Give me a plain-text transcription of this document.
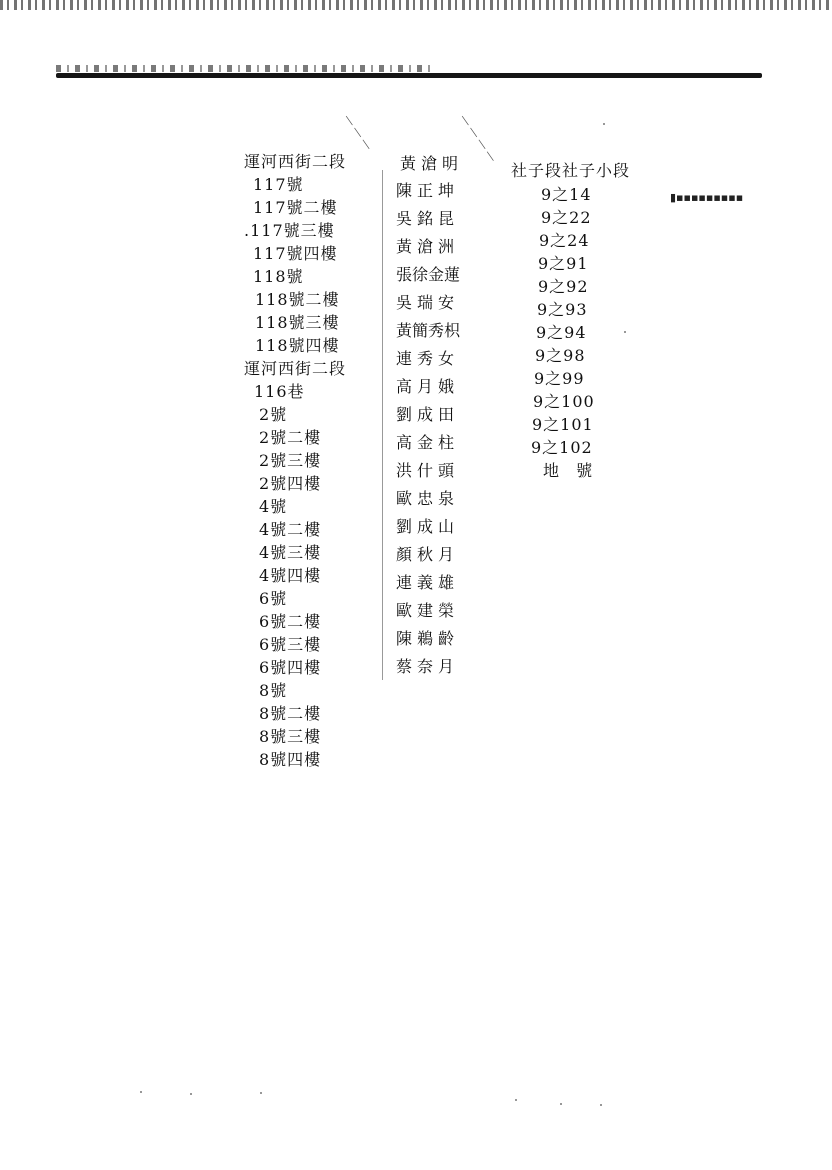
― ― ―	― ― ― ―
運河西街二段
117號
117號二樓
.117號三樓
117號四樓
118號
118號二樓
118號三樓
118號四樓
運河西街二段
116巷
2號
2號二樓
2號三樓
2號四樓
4號
4號二樓
4號三樓
4號四樓
6號
6號二樓
6號三樓
6號四樓
8號
8號二樓
8號三樓
8號四樓
黃滄明
陳正坤
吳銘昆
黃滄洲
張徐金蓮
吳瑞安
黃簡秀枳
連秀女
高月娥
劉成田
高金柱
洪什頭
歐忠泉
劉成山
顏秋月
連義雄
歐建榮
陳鵜齡
蔡奈月
社子段社子小段
9之14
9之22
9之24
9之91
9之92
9之93
9之94
9之98
9之99
9之100
9之101
9之102
地 號
▮▪▪▪▪▪▪▪▪▪
